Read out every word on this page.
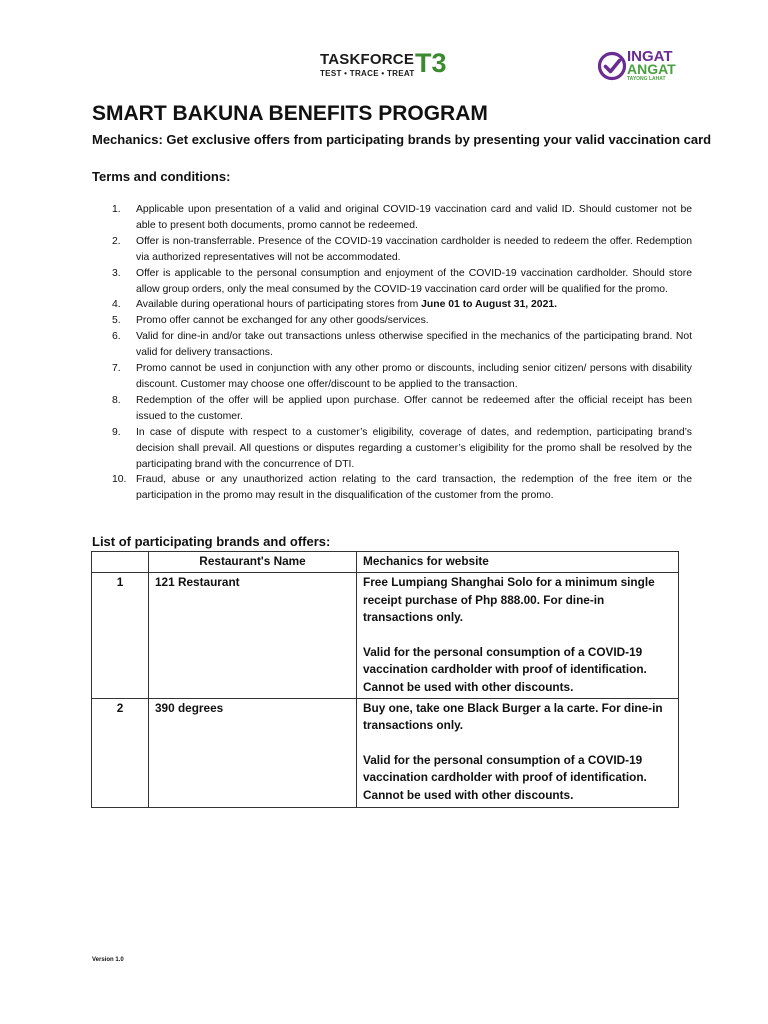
TASKFORCE T3
TEST • TRACE • TREAT
INGAT
ANGAT
TAYONG LAHAT
SMART BAKUNA BENEFITS PROGRAM
Mechanics: Get exclusive offers from participating brands by presenting your valid vaccination card
Terms and conditions:
1.	Applicable upon presentation of a valid and original COVID-19 vaccination card and valid ID. Should customer not be able to present both documents, promo cannot be redeemed.
2.	Offer is non-transferrable. Presence of the COVID-19 vaccination cardholder is needed to redeem the offer. Redemption via authorized representatives will not be accommodated.
3.	Offer is applicable to the personal consumption and enjoyment of the COVID-19 vaccination cardholder. Should store allow group orders, only the meal consumed by the COVID-19 vaccination card order will be qualified for the promo.
4.	Available during operational hours of participating stores from June 01 to August 31, 2021.
5.	Promo offer cannot be exchanged for any other goods/services.
6.	Valid for dine-in and/or take out transactions unless otherwise specified in the mechanics of the participating brand. Not valid for delivery transactions.
7.	Promo cannot be used in conjunction with any other promo or discounts, including senior citizen/ persons with disability discount. Customer may choose one offer/discount to be applied to the transaction.
8.	Redemption of the offer will be applied upon purchase. Offer cannot be redeemed after the official receipt has been issued to the customer.
9.	In case of dispute with respect to a customer’s eligibility, coverage of dates, and redemption, participating brand’s decision shall prevail. All questions or disputes regarding a customer’s eligibility for the promo shall be resolved by the participating brand with the concurrence of DTI.
10. Fraud, abuse or any unauthorized action relating to the card transaction, the redemption of the free item or the participation in the promo may result in the disqualification of the customer from the promo.
List of participating brands and offers:
	Restaurant's Name	Mechanics for website
1	121 Restaurant	Free Lumpiang Shanghai Solo for a minimum single receipt purchase of Php 888.00. For dine-in transactions only.
Valid for the personal consumption of a COVID-19 vaccination cardholder with proof of identification. Cannot be used with other discounts.

2	390 degrees	Buy one, take one Black Burger a la carte. For dine-in transactions only.
Valid for the personal consumption of a COVID-19 vaccination cardholder with proof of identification. Cannot be used with other discounts.
Version 1.0
